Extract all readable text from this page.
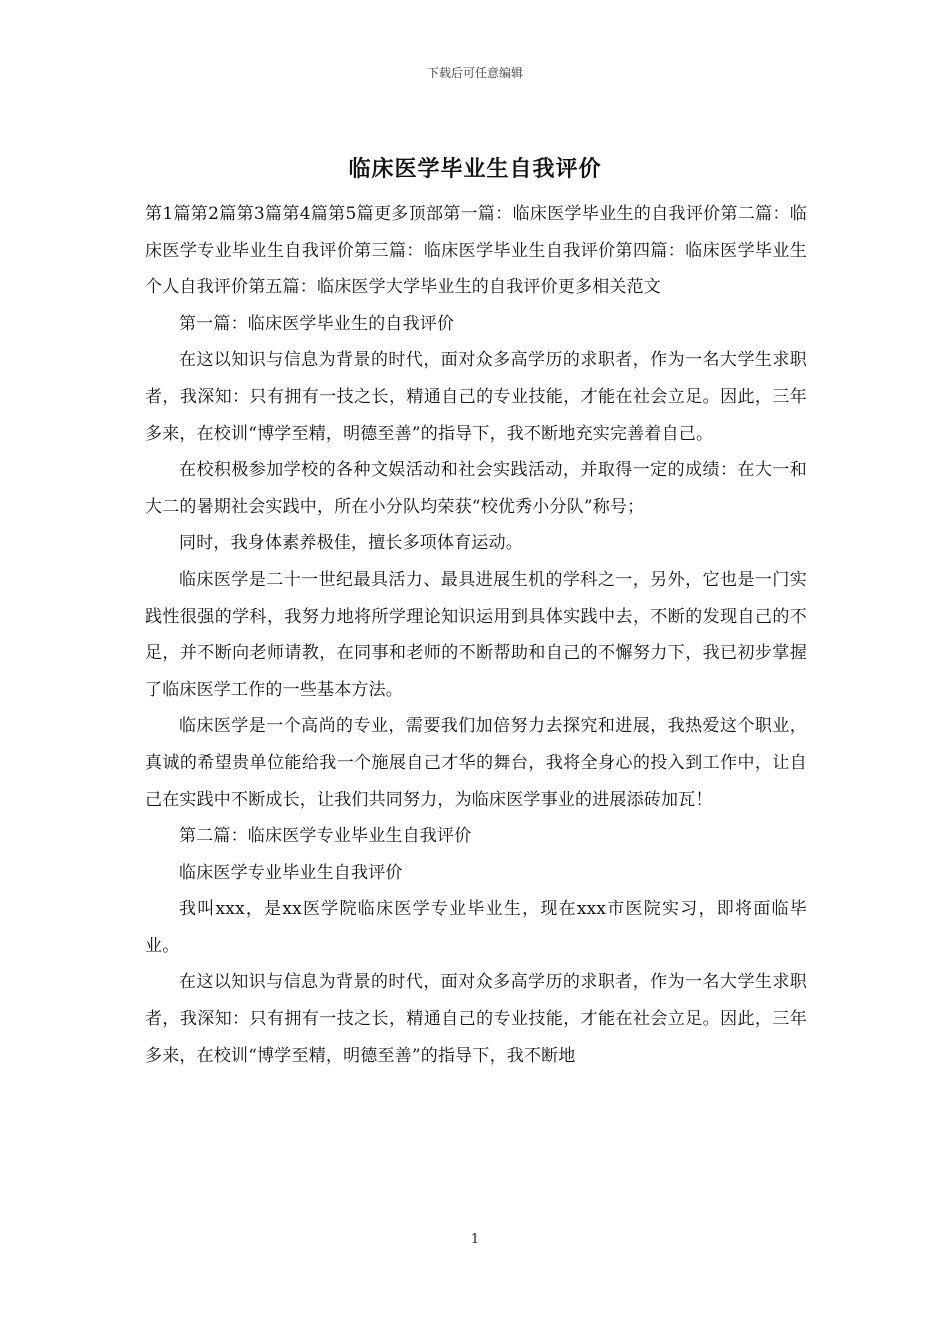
下载后可任意编辑
临床医学毕业生自我评价

第1篇第2篇第3篇第4篇第5篇更多顶部第一篇：临床医学毕业生的自我评价第二篇：临床医学专业毕业生自我评价第三篇：临床医学毕业生自我评价第四篇：临床医学毕业生个人自我评价第五篇：临床医学大学毕业生的自我评价更多相关范文

第一篇：临床医学毕业生的自我评价

在这以知识与信息为背景的时代，面对众多高学历的求职者，作为一名大学生求职者，我深知：只有拥有一技之长，精通自己的专业技能，才能在社会立足。因此，三年多来，在校训“博学至精，明德至善”的指导下，我不断地充实完善着自己。

在校积极参加学校的各种文娱活动和社会实践活动，并取得一定的成绩：在大一和大二的暑期社会实践中，所在小分队均荣获“校优秀小分队”称号；

同时，我身体素养极佳，擅长多项体育运动。

临床医学是二十一世纪最具活力、最具进展生机的学科之一，另外，它也是一门实践性很强的学科，我努力地将所学理论知识运用到具体实践中去，不断的发现自己的不足，并不断向老师请教，在同事和老师的不断帮助和自己的不懈努力下，我已初步掌握了临床医学工作的一些基本方法。

临床医学是一个高尚的专业，需要我们加倍努力去探究和进展，我热爱这个职业，真诚的希望贵单位能给我一个施展自己才华的舞台，我将全身心的投入到工作中，让自己在实践中不断成长，让我们共同努力，为临床医学事业的进展添砖加瓦！

第二篇：临床医学专业毕业生自我评价

临床医学专业毕业生自我评价

我叫xxx，是xx医学院临床医学专业毕业生，现在xxx市医院实习，即将面临毕业。

在这以知识与信息为背景的时代，面对众多高学历的求职者，作为一名大学生求职者，我深知：只有拥有一技之长，精通自己的专业技能，才能在社会立足。因此，三年多来，在校训“博学至精，明德至善”的指导下，我不断地

1
